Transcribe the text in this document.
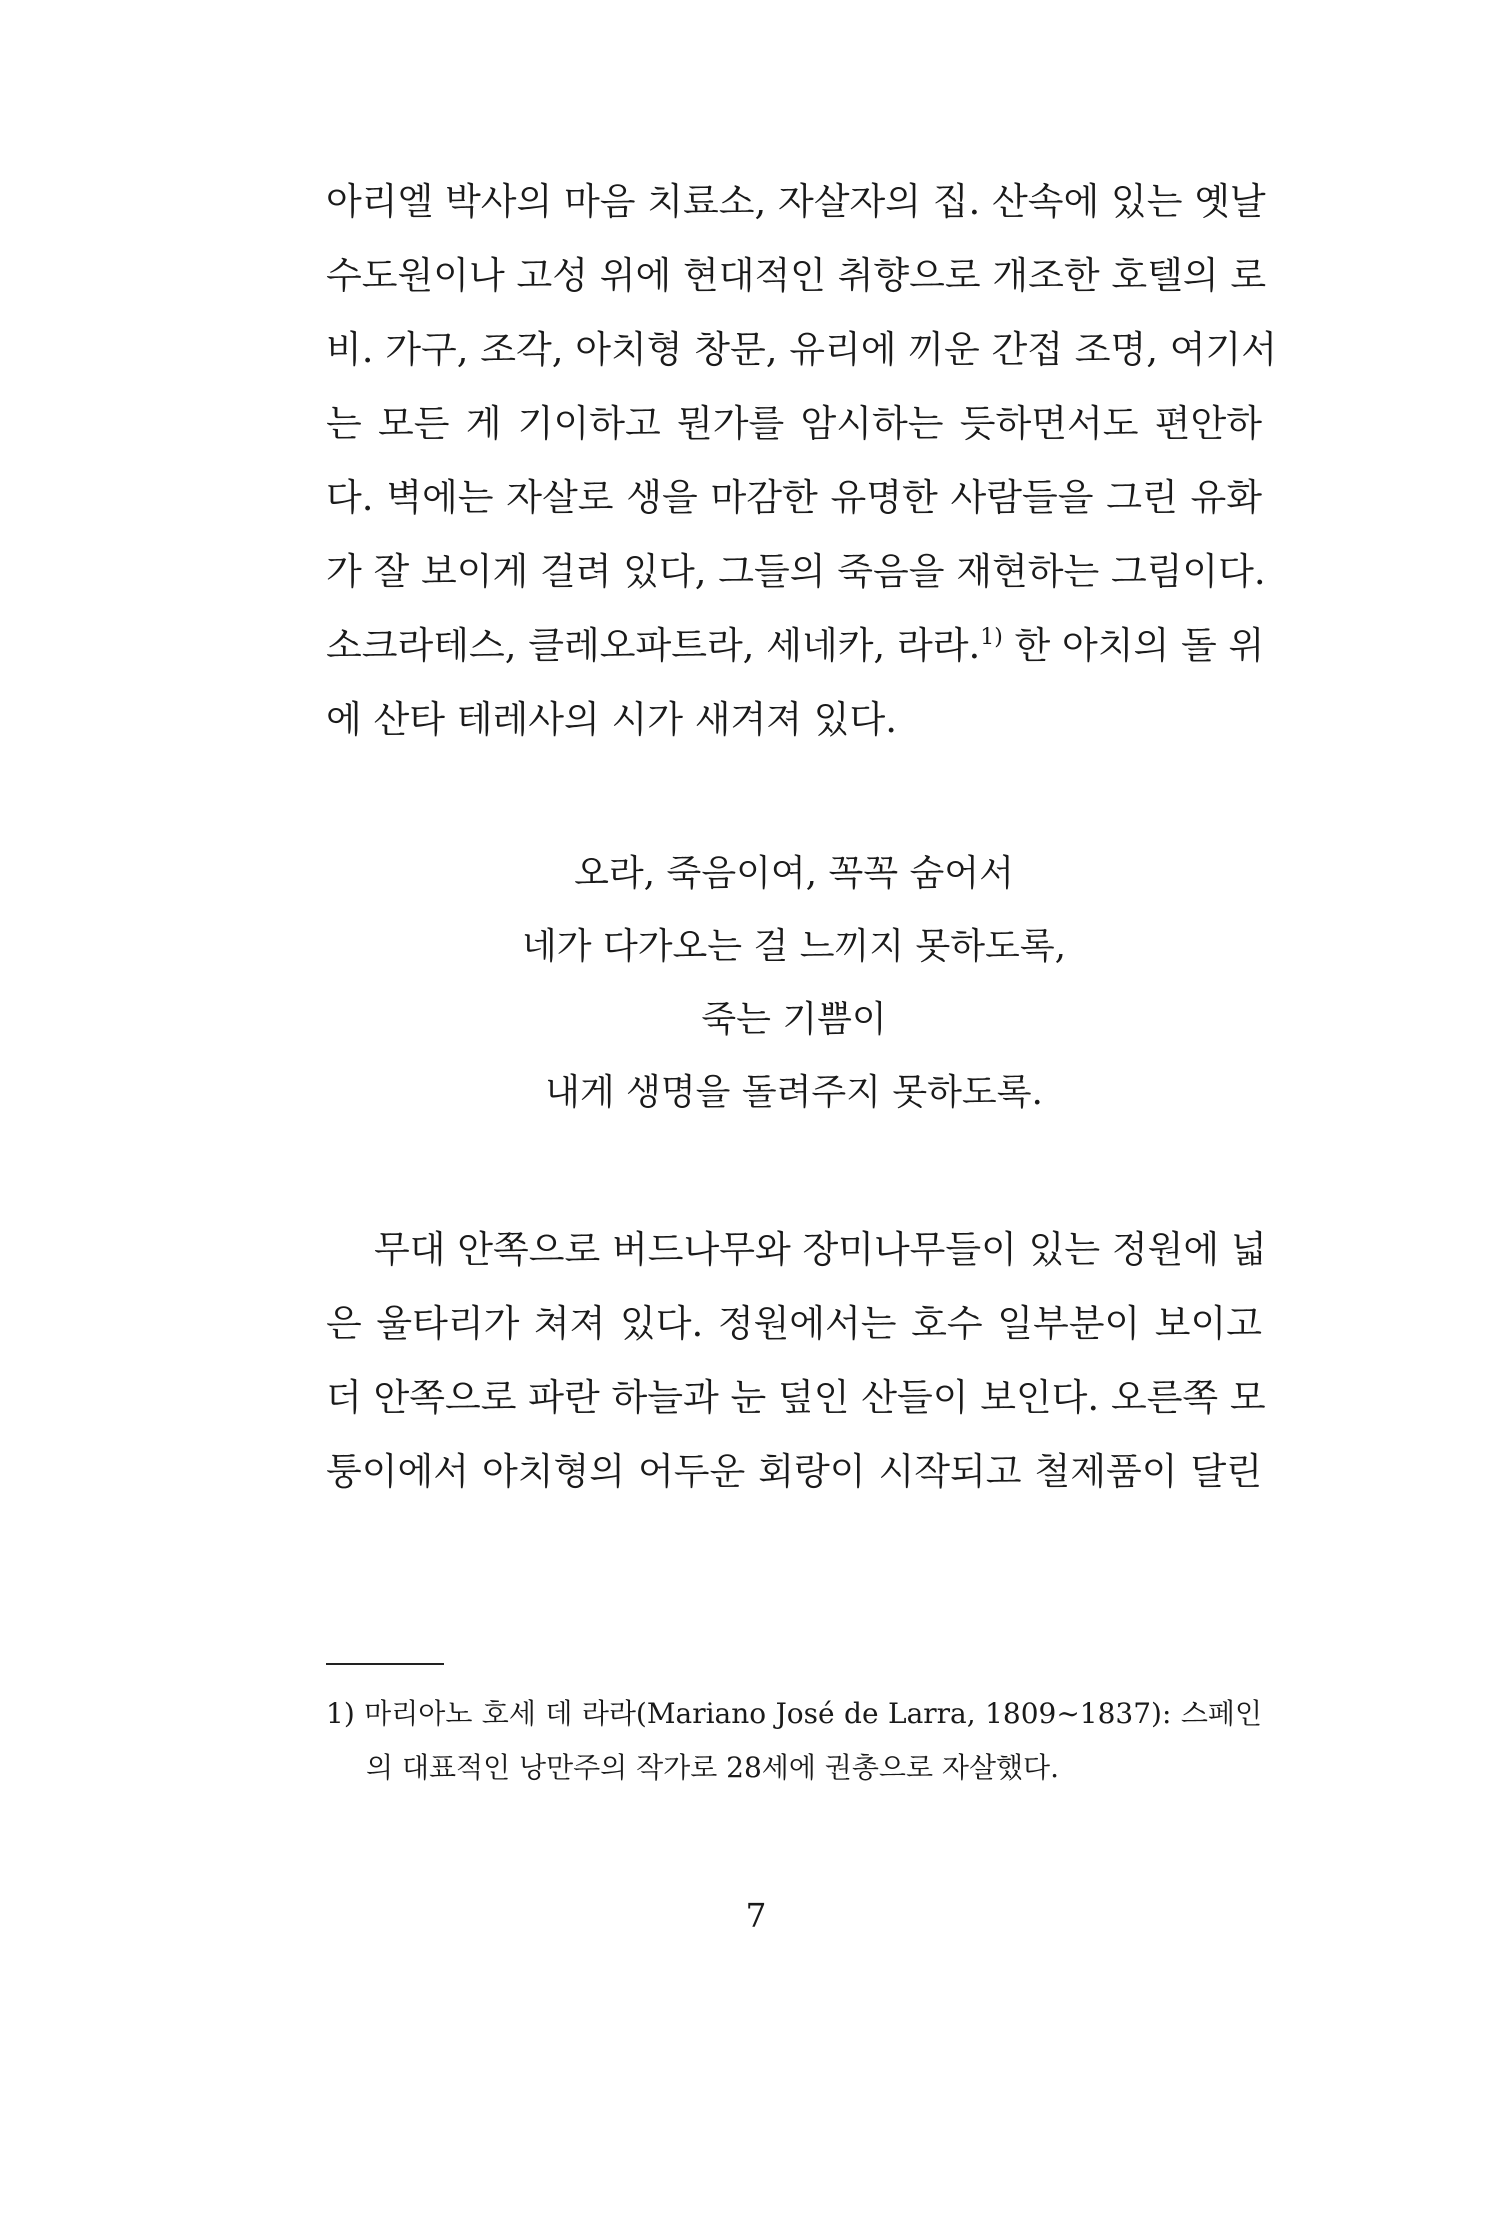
아리엘 박사의 마음 치료소, 자살자의 집. 산속에 있는 옛날
수도원이나 고성 위에 현대적인 취향으로 개조한 호텔의 로
비. 가구, 조각, 아치형 창문, 유리에 끼운 간접 조명, 여기서
는 모든 게 기이하고 뭔가를 암시하는 듯하면서도 편안하
다. 벽에는 자살로 생을 마감한 유명한 사람들을 그린 유화
가 잘 보이게 걸려 있다, 그들의 죽음을 재현하는 그림이다.
소크라테스, 클레오파트라, 세네카, 라라.$^{1)}$ 한 아치의 돌 위
에 산타 테레사의 시가 새겨져 있다.
오라, 죽음이여, 꼭꼭 숨어서
네가 다가오는 걸 느끼지 못하도록,
죽는 기쁨이
내게 생명을 돌려주지 못하도록.
무대 안쪽으로 버드나무와 장미나무들이 있는 정원에 넓
은 울타리가 쳐져 있다. 정원에서는 호수 일부분이 보이고
더 안쪽으로 파란 하늘과 눈 덮인 산들이 보인다. 오른쪽 모
퉁이에서 아치형의 어두운 회랑이 시작되고 철제품이 달린
1) 마리아노 호세 데 라라(Mariano José de Larra, 1809∼1837): 스페인
의 대표적인 낭만주의 작가로 28세에 권총으로 자살했다.
7
